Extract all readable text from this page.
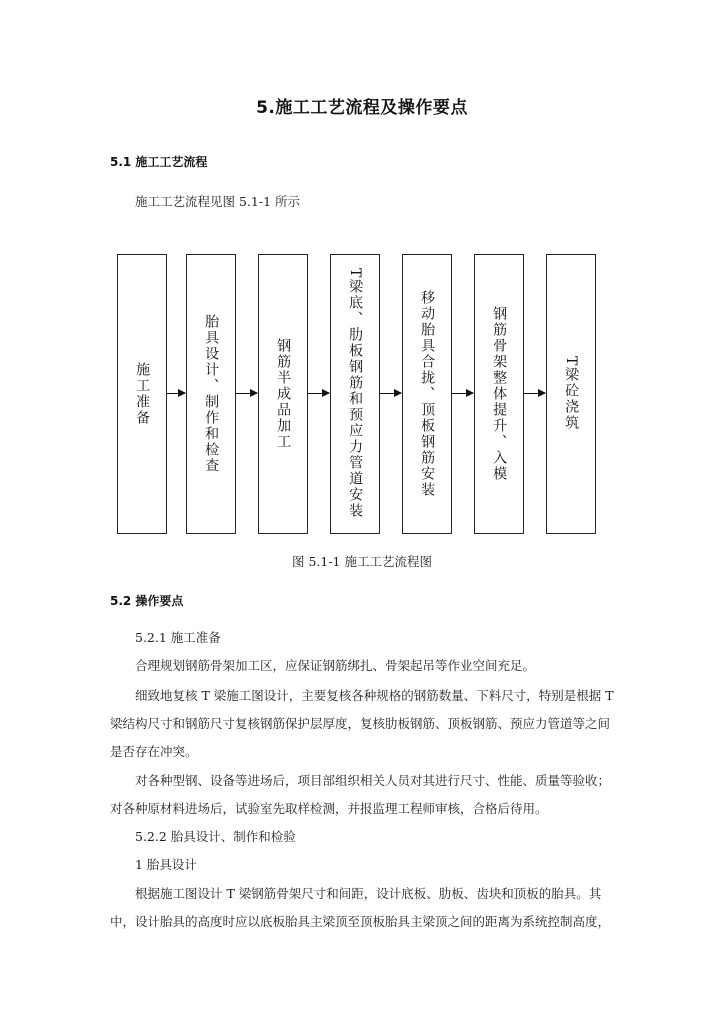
5.施工工艺流程及操作要点
5.1 施工工艺流程
施工工艺流程见图 5.1-1 所示
施工准备	胎具设计、制作和检查	钢筋半成品加工	T梁底、肋板钢筋和预应力管道安装	移动胎具合拢、顶板钢筋安装	钢筋骨架整体提升、入模	T梁砼浇筑
图 5.1-1 施工工艺流程图
5.2 操作要点
5.2.1 施工准备
合理规划钢筋骨架加工区，应保证钢筋绑扎、骨架起吊等作业空间充足。
细致地复核 T 梁施工图设计，主要复核各种规格的钢筋数量、下料尺寸，特别是根据 T
梁结构尺寸和钢筋尺寸复核钢筋保护层厚度，复核肋板钢筋、顶板钢筋、预应力管道等之间
是否存在冲突。
对各种型钢、设备等进场后，项目部组织相关人员对其进行尺寸、性能、质量等验收；
对各种原材料进场后，试验室先取样检测，并报监理工程师审核，合格后待用。
5.2.2 胎具设计、制作和检验
1 胎具设计
根据施工图设计 T 梁钢筋骨架尺寸和间距，设计底板、肋板、齿块和顶板的胎具。其
中，设计胎具的高度时应以底板胎具主梁顶至顶板胎具主梁顶之间的距离为系统控制高度，
